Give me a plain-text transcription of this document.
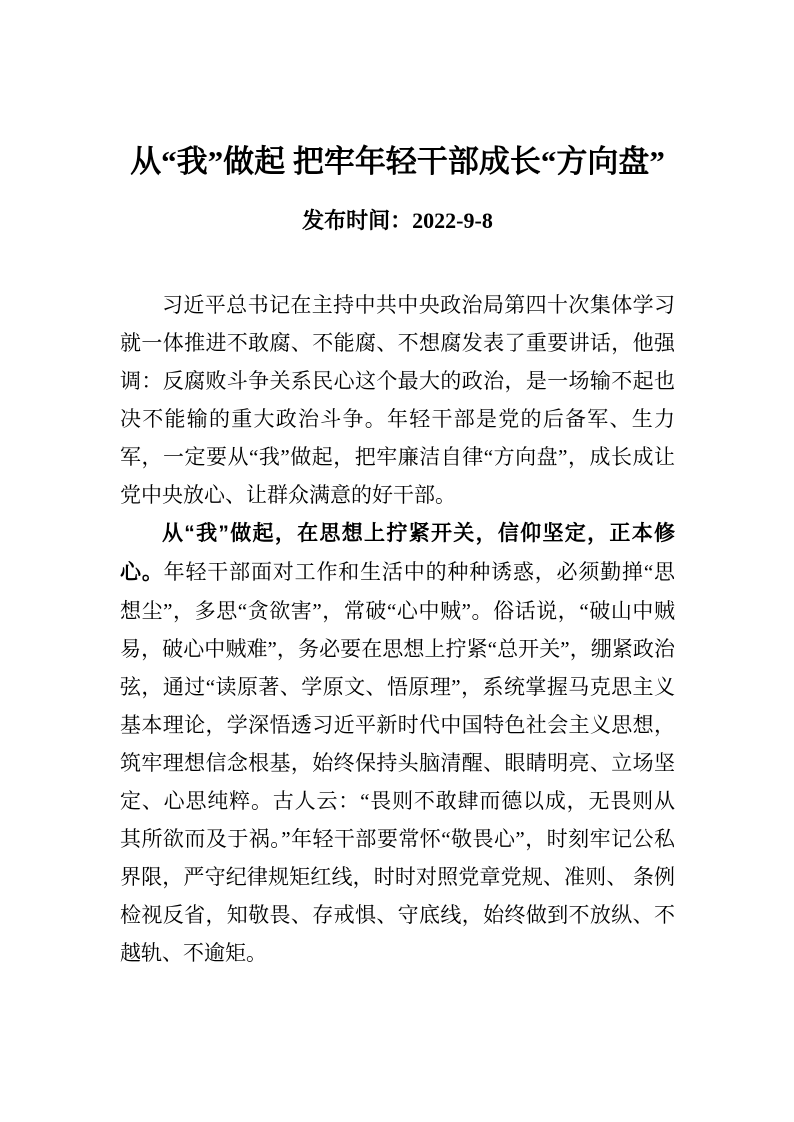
从“我”做起 把牢年轻干部成长“方向盘”
发布时间：2022-9-8

习近平总书记在主持中共中央政治局第四十次集体学习就一体推进不敢腐、不能腐、不想腐发表了重要讲话，他强调：反腐败斗争关系民心这个最大的政治，是一场输不起也决不能输的重大政治斗争。年轻干部是党的后备军、生力军，一定要从“我”做起，把牢廉洁自律“方向盘”，成长成让党中央放心、让群众满意的好干部。

从“我”做起，在思想上拧紧开关，信仰坚定，正本修心。年轻干部面对工作和生活中的种种诱惑，必须勤掸“思想尘”，多思“贪欲害”，常破“心中贼”。俗话说，“破山中贼易，破心中贼难”，务必要在思想上拧紧“总开关”，绷紧政治弦，通过“读原著、学原文、悟原理”，系统掌握马克思主义基本理论，学深悟透习近平新时代中国特色社会主义思想，筑牢理想信念根基，始终保持头脑清醒、眼睛明亮、立场坚定、心思纯粹。古人云：“畏则不敢肆而德以成，无畏则从其所欲而及于祸。”年轻干部要常怀“敬畏心”，时刻牢记公私界限，严守纪律规矩红线，时时对照党章党规、准则、 条例检视反省，知敬畏、存戒惧、守底线，始终做到不放纵、不越轨、不逾矩。
